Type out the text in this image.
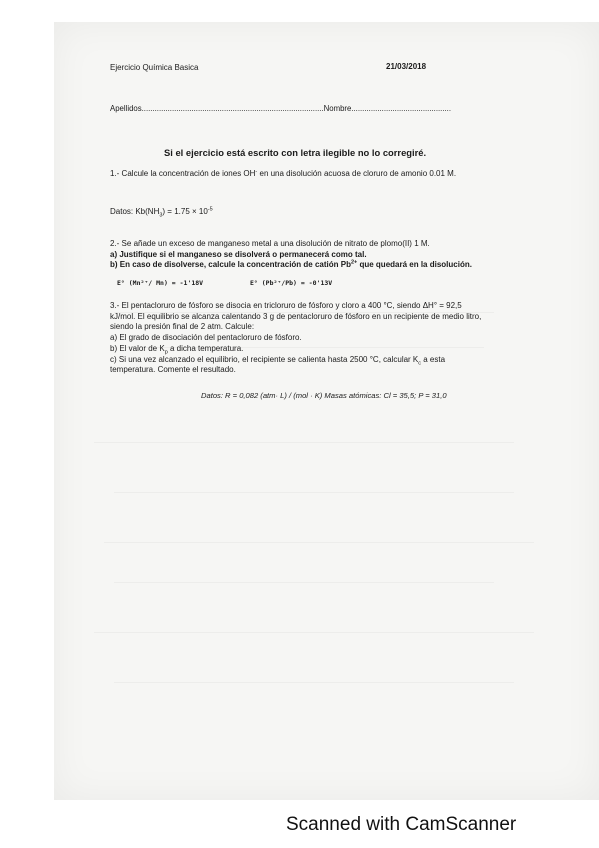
Ejercicio Química Basica	21/03/2018
Apellidos....................................................................................Nombre..............................................
Si el ejercicio está escrito con letra ilegible no lo corregiré.
1.- Calcule la concentración de iones OH- en una disolución acuosa de cloruro de amonio 0.01 M.
Datos: $Kb(NH_3) = 1.75 \times 10^{-5}$
2.- Se añade un exceso de manganeso metal a una disolución de nitrato de plomo(II) 1 M.
a) Justifique si el manganeso se disolverá o permanecerá como tal.
b) En caso de disolverse, calcule la concentración de catión $Pb^{2+}$ que quedará en la disolución.
E° (Mn²⁺/ Mn) = -1'18V	E° (Pb²⁺/Pb) = -0'13V
3.- El pentacloruro de fósforo se disocia en tricloruro de fósforo y cloro a 400 °C, siendo ΔH° = 92,5 kJ/mol. El equilibrio se alcanza calentando 3 g de pentacloruro de fósforo en un recipiente de medio litro, siendo la presión final de 2 atm. Calcule:
a) El grado de disociación del pentacloruro de fósforo.
b) El valor de $K_p$ a dicha temperatura.
c) Si una vez alcanzado el equilibrio, el recipiente se calienta hasta 2500 °C, calcular $K_c$ a esta temperatura. Comente el resultado.
Datos: R = 0,082 (atm· L) / (mol · K) Masas atómicas: Cl = 35,5; P = 31,0
Scanned with CamScanner
